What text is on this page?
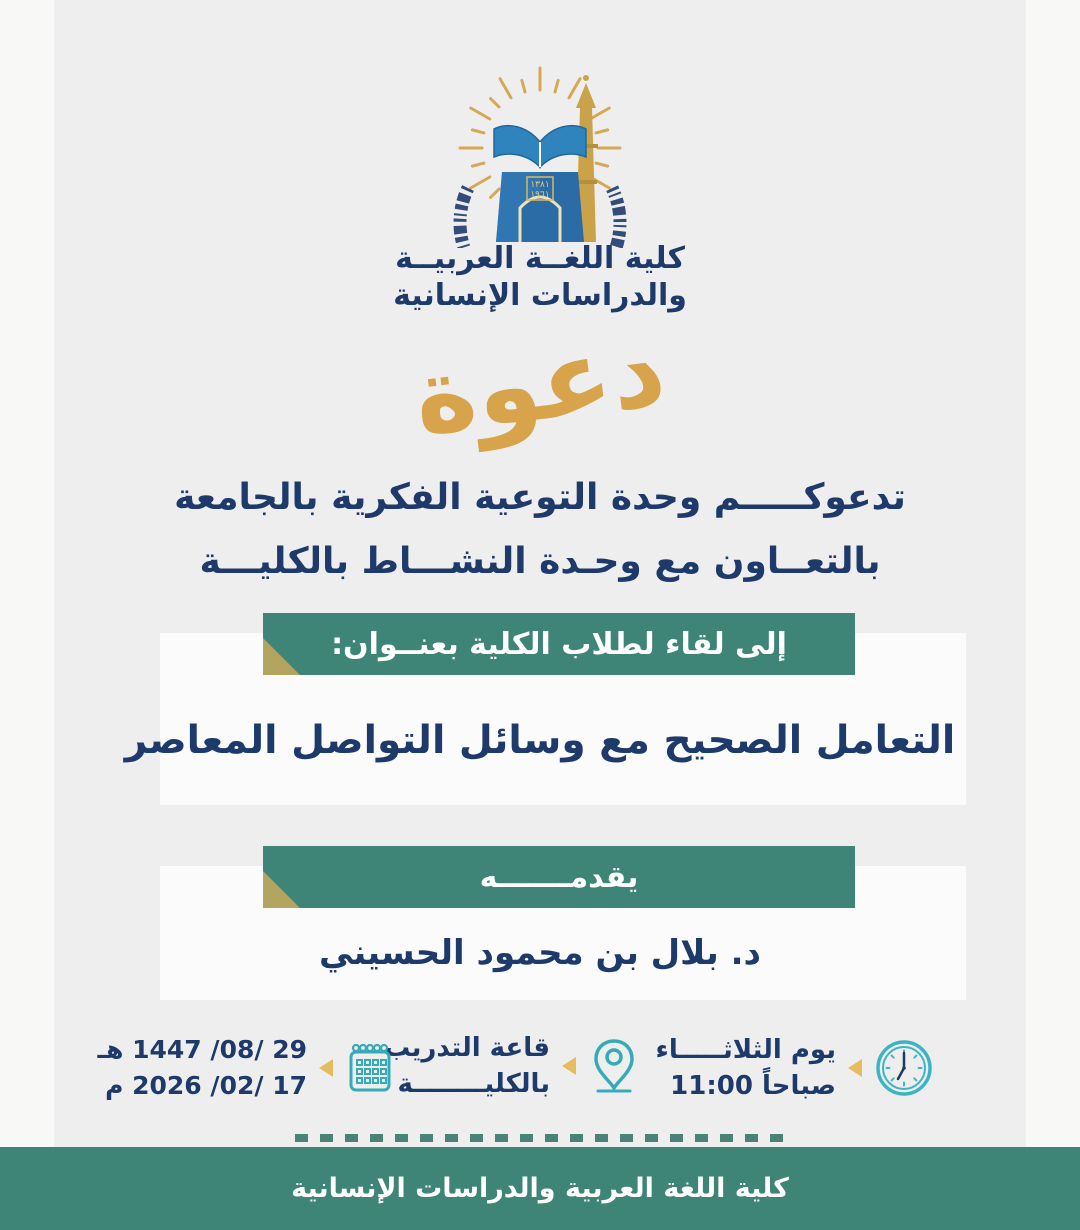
١٣٨١
١٩٦١
كلية اللغــة العربيــة
والدراسات الإنسانية
دعوة
تدعوكـــــم وحدة التوعية الفكرية بالجامعة
بالتعــاون مع وحـدة النشـــاط بالكليـــة
إلى لقاء لطلاب الكلية بعنــوان:
التعامل الصحيح مع وسائل التواصل المعاصر
يقدمـــــــه
د. بلال بن محمود الحسيني
يوم الثلاثـــــاء
صباحاً 11:00
قاعة التدريب
بالكليــــــــة
29 /08/ 1447 هـ
17 /02/ 2026 م
كلية اللغة العربية والدراسات الإنسانية
